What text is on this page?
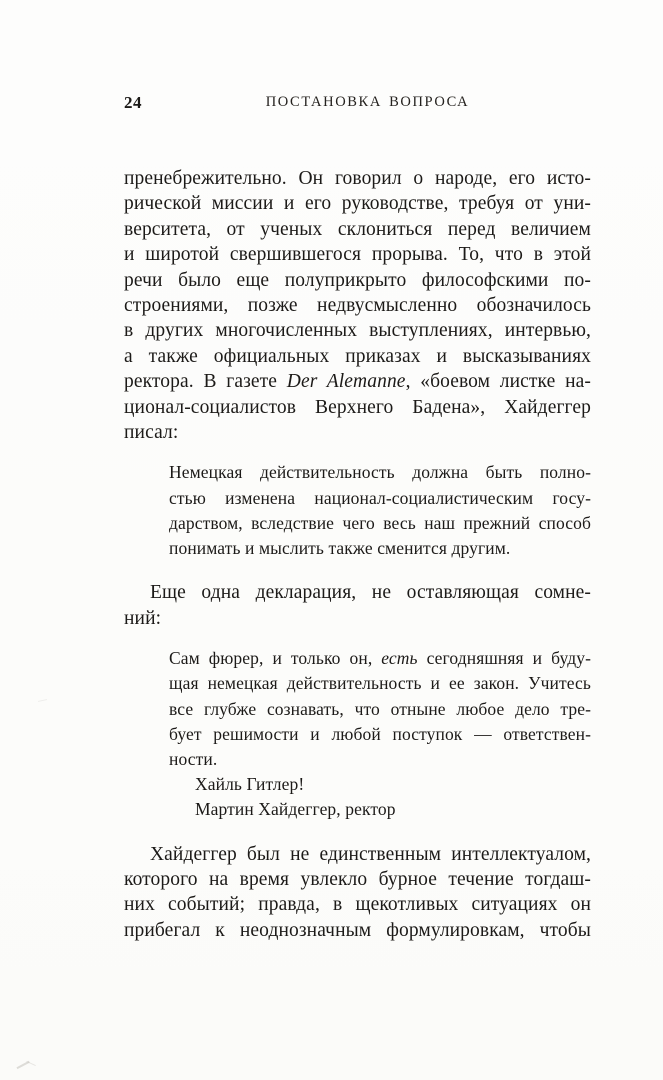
24	ПОСТАНОВКА ВОПРОСА
пренебрежительно. Он говорил о народе, его исто-
рической миссии и его руководстве, требуя от уни-
верситета, от ученых склониться перед величием
и широтой свершившегося прорыва. То, что в этой
речи было еще полуприкрыто философскими по-
строениями, позже недвусмысленно обозначилось
в других многочисленных выступлениях, интервью,
а также официальных приказах и высказываниях
ректора. В газете Der Alemanne, «боевом листке на-
ционал-социалистов Верхнего Бадена», Хайдеггер
писал:
Немецкая действительность должна быть полно-
стью изменена национал-социалистическим госу-
дарством, вследствие чего весь наш прежний способ
понимать и мыслить также сменится другим.
Еще одна декларация, не оставляющая сомне-
ний:
Сам фюрер, и только он, есть сегодняшняя и буду-
щая немецкая действительность и ее закон. Учитесь
все глубже сознавать, что отныне любое дело тре-
бует решимости и любой поступок — ответствен-
ности.
Хайль Гитлер!
Мартин Хайдеггер, ректор
Хайдеггер был не единственным интеллектуалом,
которого на время увлекло бурное течение тогдаш-
них событий; правда, в щекотливых ситуациях он
прибегал к неоднозначным формулировкам, чтобы
